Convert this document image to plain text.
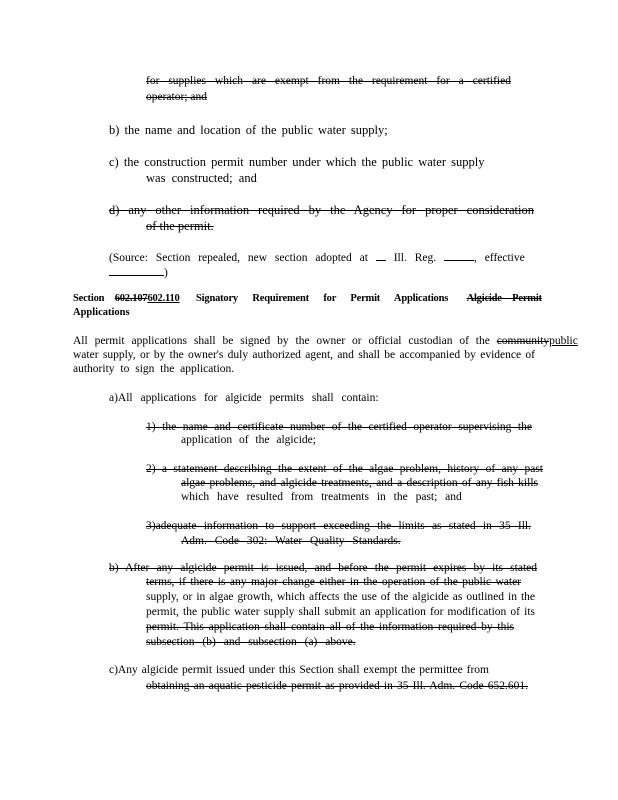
for supplies which are exempt from the requirement for a certified
operator; and
b) the name and location of the public water supply;
c) the construction permit number under which the public water supply
was constructed; and
d) any other information required by the Agency for proper consideration
of the permit.
(Source: Section repealed, new section adopted at Ill. Reg.	, effective
)
Section 602.107602.110 Signatory Requirement for Permit Applications Algicide Permit
Applications
All permit applications shall be signed by the owner or official custodian of the communitypublic
water supply, or by the owner's duly authorized agent, and shall be accompanied by evidence of
authority to sign the application.
a)All applications for algicide permits shall contain:
1) the name and certificate number of the certified operator supervising the
application of the algicide;
2) a statement describing the extent of the algae problem, history of any past
algae problems, and algicide treatments, and a description of any fish kills
which have resulted from treatments in the past; and
3)adequate information to support exceeding the limits as stated in 35 Ill.
Adm. Code 302: Water Quality Standards.
b) After any algicide permit is issued, and before the permit expires by its stated
terms, if there is any major change either in the operation of the public water
supply, or in algae growth, which affects the use of the algicide as outlined in the
permit, the public water supply shall submit an application for modification of its
permit. This application shall contain all of the information required by this
subsection (b) and subsection (a) above.
c)Any algicide permit issued under this Section shall exempt the permittee from
obtaining an aquatic pesticide permit as provided in 35 Ill. Adm. Code 652.601.
